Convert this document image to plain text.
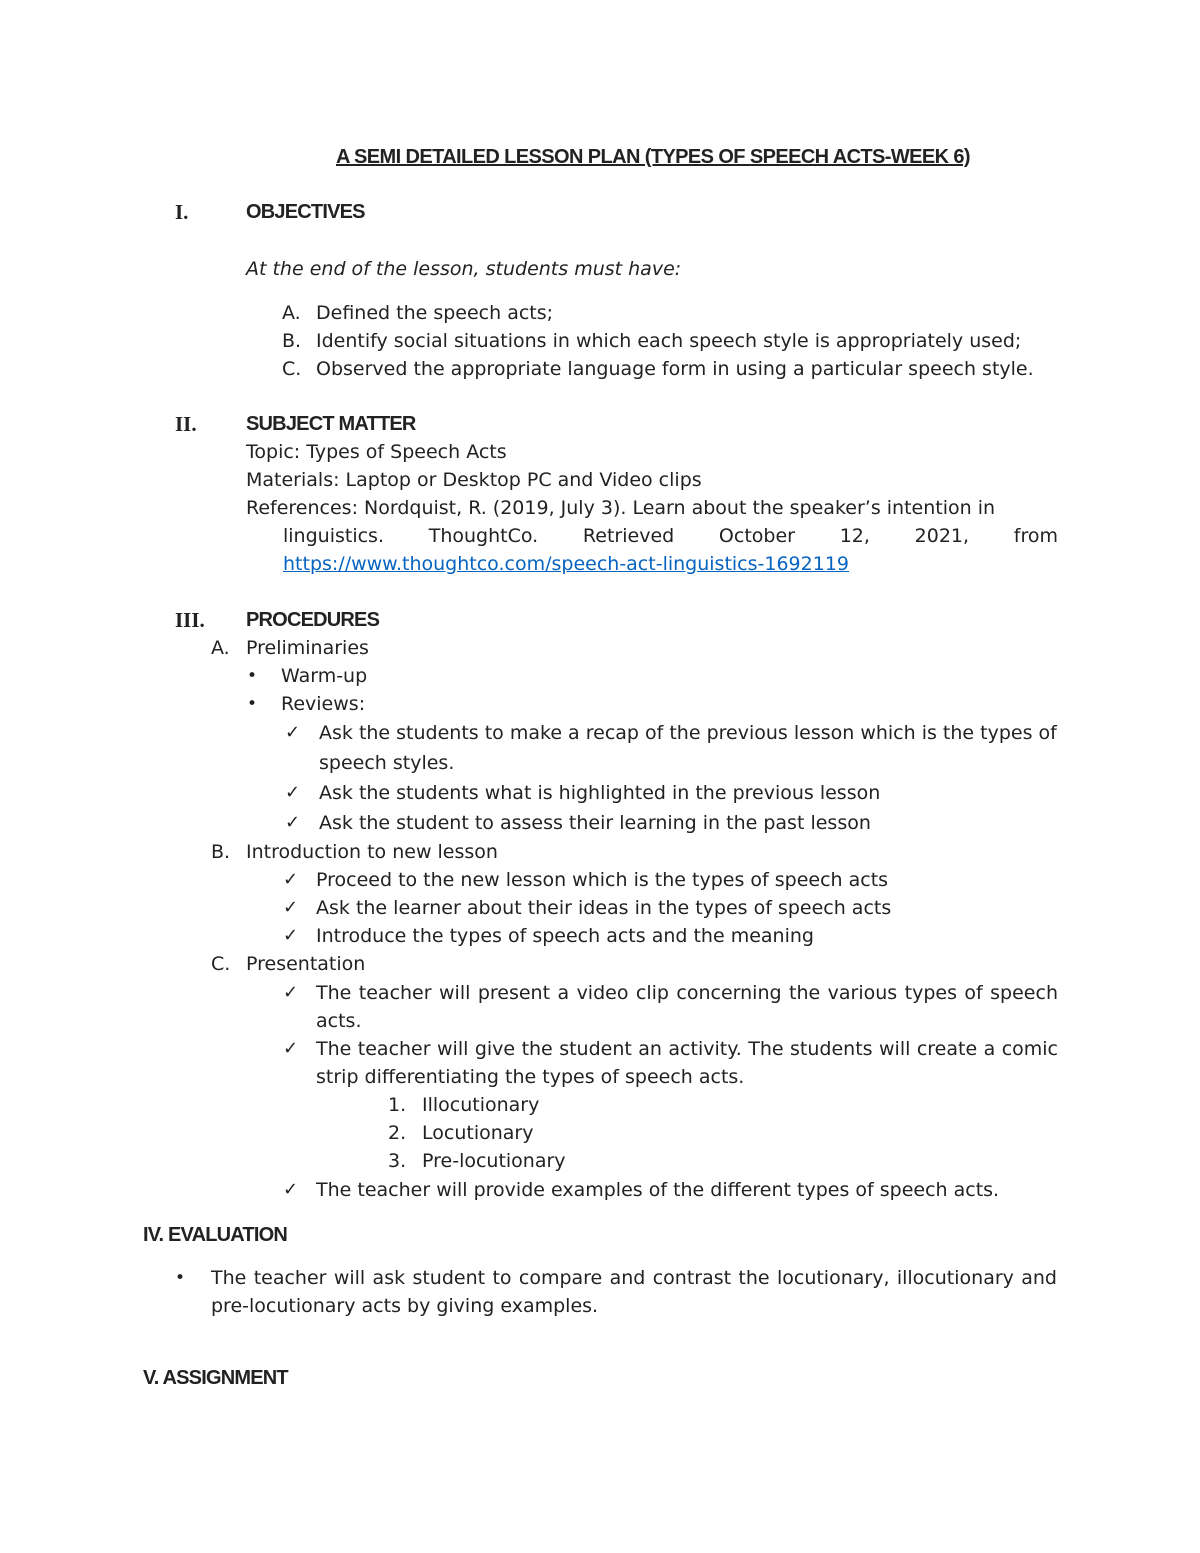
A SEMI DETAILED LESSON PLAN (TYPES OF SPEECH ACTS-WEEK 6)
I.	OBJECTIVES
At the end of the lesson, students must have:
A. Defined the speech acts;
B. Identify social situations in which each speech style is appropriately used;
C. Observed the appropriate language form in using a particular speech style.
II. SUBJECT MATTER
Topic: Types of Speech Acts
Materials: Laptop or Desktop PC and Video clips
References: Nordquist, R. (2019, July 3). Learn about the speaker’s intention in
linguistics. ThoughtCo. Retrieved October 12, 2021, from
https://www.thoughtco.com/speech-act-linguistics-1692119
III. PROCEDURES
A. Preliminaries
• Warm-up
• Reviews:
✓ Ask the students to make a recap of the previous lesson which is the types of
speech styles.
✓ Ask the students what is highlighted in the previous lesson
✓ Ask the student to assess their learning in the past lesson
B. Introduction to new lesson
✓ Proceed to the new lesson which is the types of speech acts
✓ Ask the learner about their ideas in the types of speech acts
✓ Introduce the types of speech acts and the meaning
C. Presentation
✓ The teacher will present a video clip concerning the various types of speech
acts.
✓ The teacher will give the student an activity. The students will create a comic
strip differentiating the types of speech acts.
1. Illocutionary
2. Locutionary
3. Pre-locutionary
✓ The teacher will provide examples of the different types of speech acts.
IV. EVALUATION
• The teacher will ask student to compare and contrast the locutionary, illocutionary and
pre-locutionary acts by giving examples.
V. ASSIGNMENT
